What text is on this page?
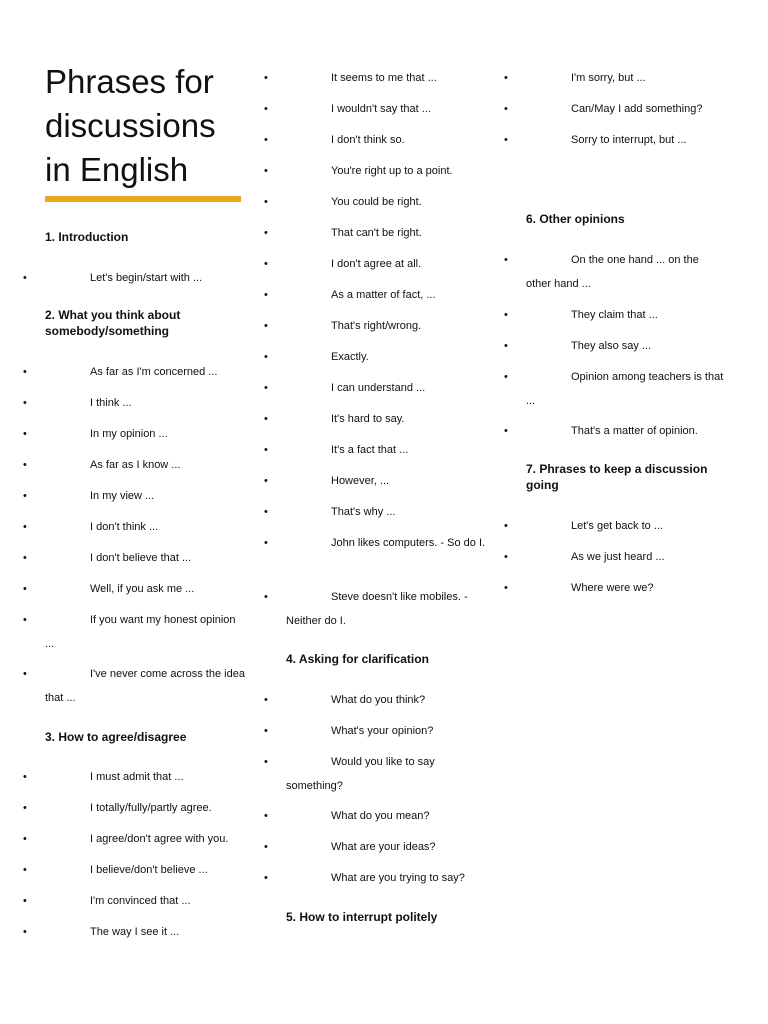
Phrases for discussions in English
1. Introduction
2. What you think about somebody/something
3. How to agree/disagree
•	Let's begin/start with ...
•	As far as I'm concerned ...
•	I think ...
•	In my opinion ...
•	As far as I know ...
•	In my view ...
•	I don't think ...
•	I don't believe that ...
•	Well, if you ask me ...
•	If you want my honest opinion ...
•	I've never come across the idea that ...
•	I must admit that ...
•	I totally/fully/partly agree.
•	I agree/don't agree with you.
•	I believe/don't believe ...
•	I'm convinced that ...
•	The way I see it ...
4. Asking for clarification
5. How to interrupt politely
•	It seems to me that ...
•	I wouldn't say that ...
•	I don't think so.
•	You're right up to a point.
•	You could be right.
•	That can't be right.
•	I don't agree at all.
•	As a matter of fact, ...
•	That's right/wrong.
•	Exactly.
•	I can understand ...
•	It's hard to say.
•	It's a fact that ...
•	However, ...
•	That's why ...
•	John likes computers. - So do I.
•	Steve doesn't like mobiles. - Neither do I.
•	What do you think?
•	What's your opinion?
•	Would you like to say something?
•	What do you mean?
•	What are your ideas?
•	What are you trying to say?
6. Other opinions
7. Phrases to keep a discussion going
•	I'm sorry, but ...
•	Can/May I add something?
•	Sorry to interrupt, but ...
•	On the one hand ... on the other hand ...
•	They claim that ...
•	They also say ...
•	Opinion among teachers is that ...
•	That's a matter of opinion.
•	Let's get back to ...
•	As we just heard ...
•	Where were we?
